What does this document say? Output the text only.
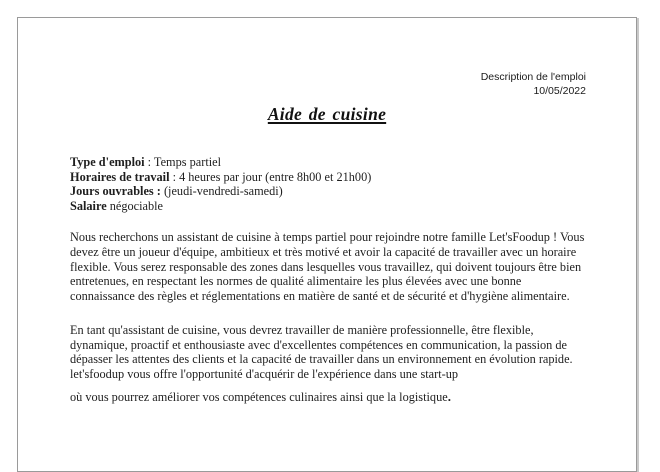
Description de l'emploi
10/05/2022
Aide de cuisine
Type d'emploi : Temps partiel
Horaires de travail : 4 heures par jour (entre 8h00 et 21h00)
Jours ouvrables : (jeudi-vendredi-samedi)
Salaire négociable
Nous recherchons un assistant de cuisine à temps partiel pour rejoindre notre famille Let'sFoodup ! Vous devez être un joueur d'équipe, ambitieux et très motivé et avoir la capacité de travailler avec un horaire flexible. Vous serez responsable des zones dans lesquelles vous travaillez, qui doivent toujours être bien entretenues, en respectant les normes de qualité alimentaire les plus élevées avec une bonne connaissance des règles et réglementations en matière de santé et de sécurité et d'hygiène alimentaire.
En tant qu'assistant de cuisine, vous devrez travailler de manière professionnelle, être flexible, dynamique, proactif et enthousiaste avec d'excellentes compétences en communication, la passion de dépasser les attentes des clients et la capacité de travailler dans un environnement en évolution rapide. let'sfoodup vous offre l'opportunité d'acquérir de l'expérience dans une start-up
où vous pourrez améliorer vos compétences culinaires ainsi que la logistique.
